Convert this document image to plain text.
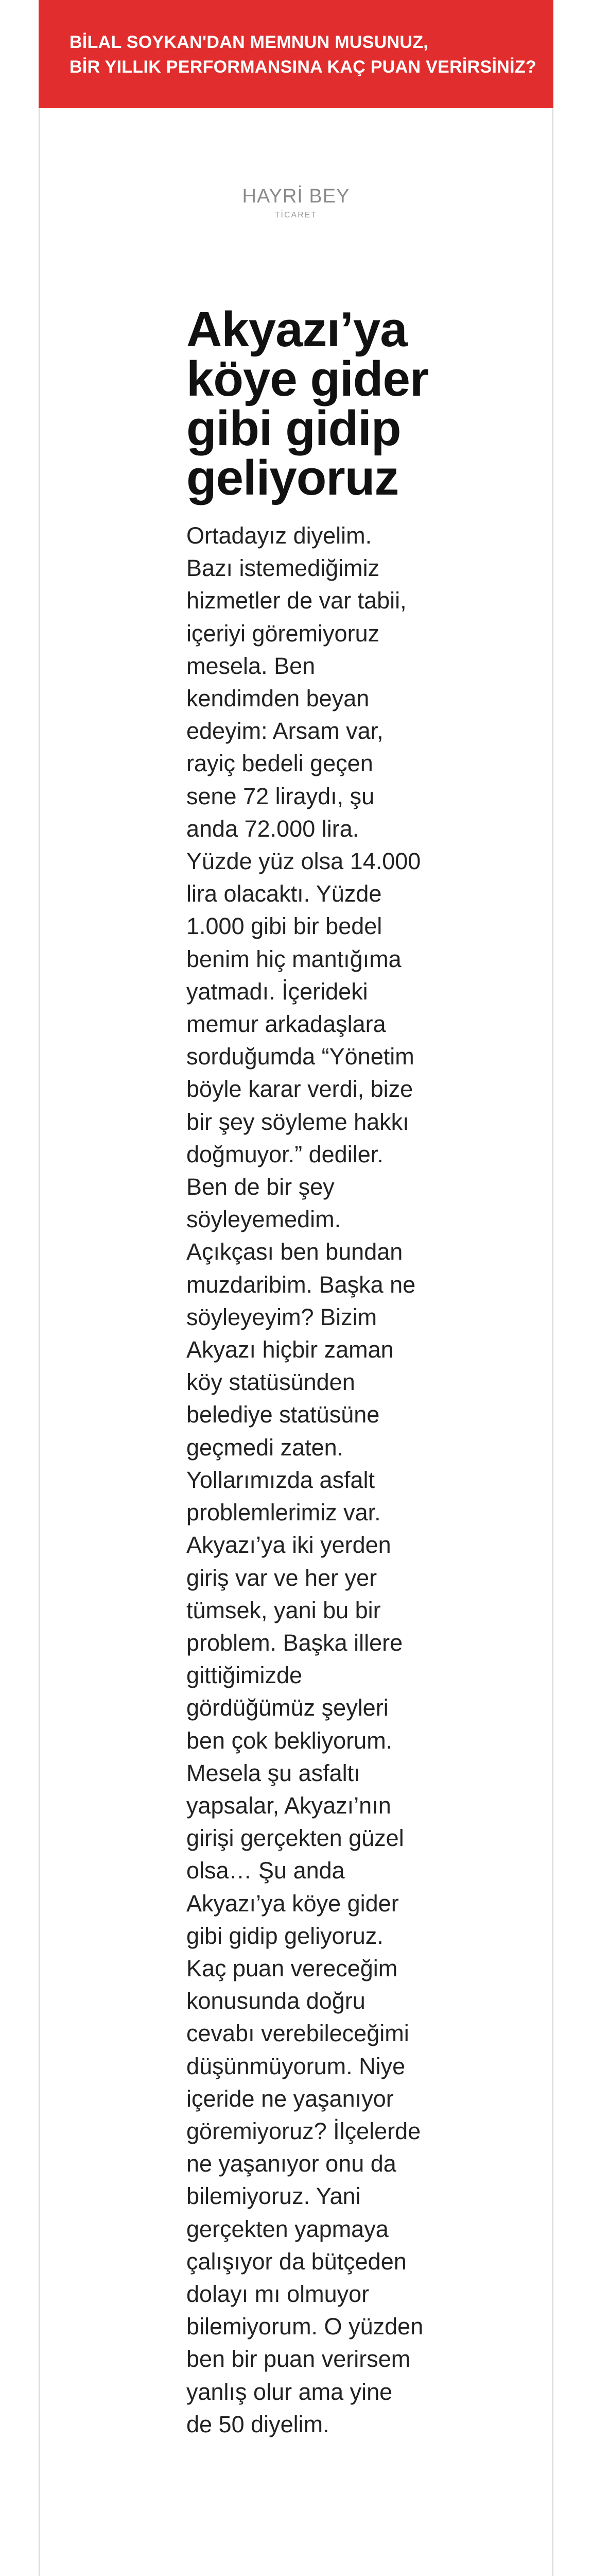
BİLAL SOYKAN'DAN MEMNUN MUSUNUZ,
BİR YILLIK PERFORMANSINA KAÇ PUAN VERİRSİNİZ?
HAYRİ BEY
TİCARET
Akyazı’ya
köye gider
gibi gidip
geliyoruz
Ortadayız diyelim.
Bazı istemediğimiz
hizmetler de var tabii,
içeriyi göremiyoruz
mesela. Ben
kendimden beyan
edeyim: Arsam var,
rayiç bedeli geçen
sene 72 liraydı, şu
anda 72.000 lira.
Yüzde yüz olsa 14.000
lira olacaktı. Yüzde
1.000 gibi bir bedel
benim hiç mantığıma
yatmadı. İçerideki
memur arkadaşlara
sorduğumda “Yönetim
böyle karar verdi, bize
bir şey söyleme hakkı
doğmuyor.” dediler.
Ben de bir şey
söyleyemedim.
Açıkçası ben bundan
muzdaribim. Başka ne
söyleyeyim? Bizim
Akyazı hiçbir zaman
köy statüsünden
belediye statüsüne
geçmedi zaten.
Yollarımızda asfalt
problemlerimiz var.
Akyazı’ya iki yerden
giriş var ve her yer
tümsek, yani bu bir
problem. Başka illere
gittiğimizde
gördüğümüz şeyleri
ben çok bekliyorum.
Mesela şu asfaltı
yapsalar, Akyazı’nın
girişi gerçekten güzel
olsa… Şu anda
Akyazı’ya köye gider
gibi gidip geliyoruz.
Kaç puan vereceğim
konusunda doğru
cevabı verebileceğimi
düşünmüyorum. Niye
içeride ne yaşanıyor
göremiyoruz? İlçelerde
ne yaşanıyor onu da
bilemiyoruz. Yani
gerçekten yapmaya
çalışıyor da bütçeden
dolayı mı olmuyor
bilemiyorum. O yüzden
ben bir puan verirsem
yanlış olur ama yine
de 50 diyelim.
